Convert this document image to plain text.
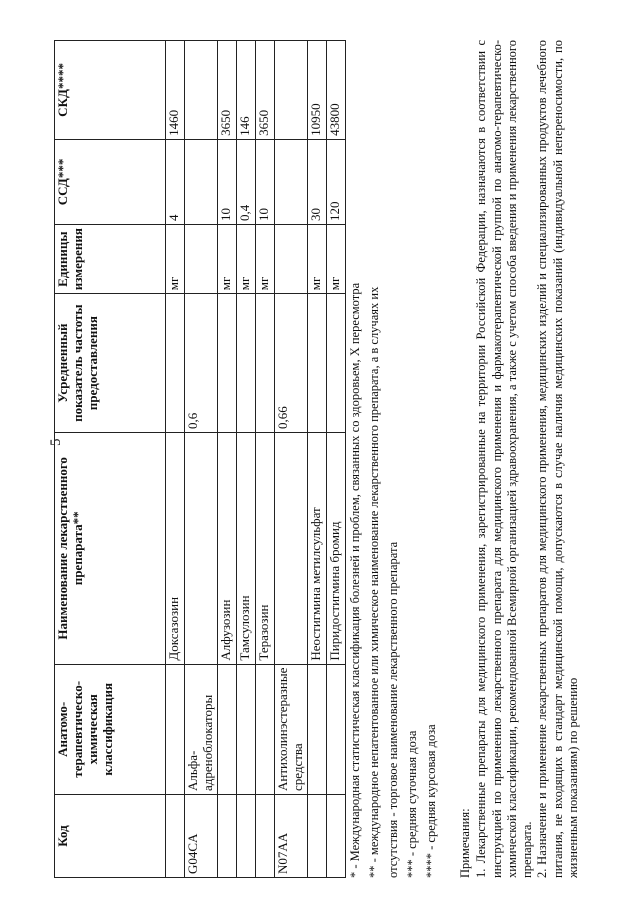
5
Код	Анатомо-терапевтическо-химическая классификация	Наименование лекарственного препарата**	Усредненный показатель частоты предоставления	Единицы измерения	ССД***	СКД****
		Доксазозин		мг	4	1460
G04CA	Альфа-адреноблокаторы		0,6			
		Алфузозин		мг	10	3650
		Тамсулозин		мг	0,4	146
		Теразозин		мг	10	3650
N07AA	Антихолинэстеразные средства		0,66			
		Неостигмина метилсульфат		мг	30	10950
		Пиридостигмина бромид		мг	120	43800

* - Международная статистическая классификация болезней и проблем, связанных со здоровьем, X пересмотра ** - международное непатентованное или химическое наименование лекарственного препарата, а в случаях их отсутствия - торговое наименование лекарственного препарата *** - средняя суточная доза **** - средняя курсовая доза Примечания: 1. Лекарственные препараты для медицинского применения, зарегистрированные на территории Российской Федерации, назначаются в соответствии с инструкцией по применению лекарственного препарата для медицинского применения и фармакотерапевтической группой по анатомо-терапевтическо-химической классификации, рекомендованной Всемирной организацией здравоохранения, а также с учетом способа введения и применения лекарственного препарата. 2. Назначение и применение лекарственных препаратов для медицинского применения, медицинских изделий и специализированных продуктов лечебного питания, не входящих в стандарт медицинской помощи, допускаются в случае наличия медицинских показаний (индивидуальной непереносимости, по жизненным показаниям) по решению
